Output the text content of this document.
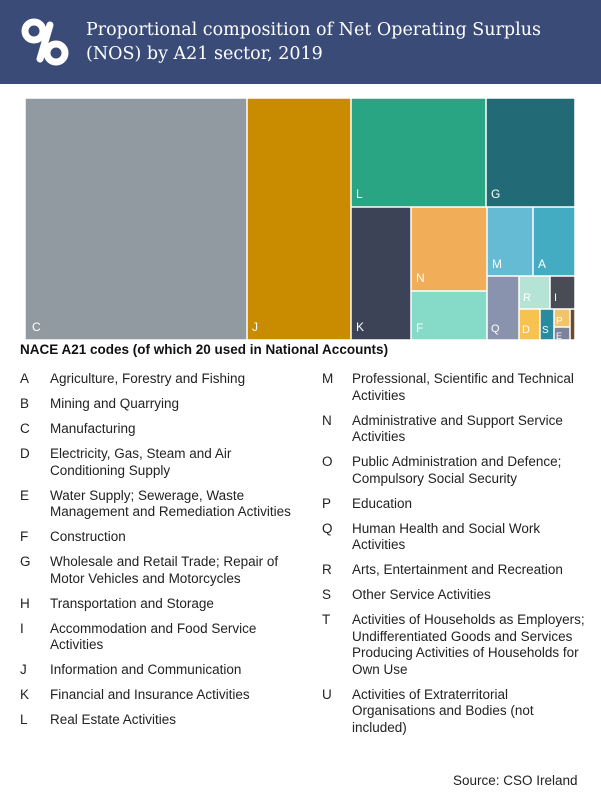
Proportional composition of Net Operating Surplus (NOS) by A21 sector, 2019
C	J
L	G
K
N
F
M	A
Q
R I
D S
P
E
NACE A21 codes (of which 20 used in National Accounts)
A	Agriculture, Forestry and Fishing
B	Mining and Quarrying
C	Manufacturing
D	Electricity, Gas, Steam and Air Conditioning Supply
E	Water Supply; Sewerage, Waste Management and Remediation Activities
F	Construction
G	Wholesale and Retail Trade; Repair of Motor Vehicles and Motorcycles
H	Transportation and Storage
I	Accommodation and Food Service Activities
J	Information and Communication
K	Financial and Insurance Activities
L	Real Estate Activities
M	Professional, Scientific and Technical Activities
N	Administrative and Support Service Activities
O	Public Administration and Defence; Compulsory Social Security
P	Education
Q	Human Health and Social Work Activities
R	Arts, Entertainment and Recreation
S	Other Service Activities
T	Activities of Households as Employers; Undifferentiated Goods and Services Producing Activities of Households for Own Use
U	Activities of Extraterritorial Organisations and Bodies (not included)
Source: CSO Ireland
